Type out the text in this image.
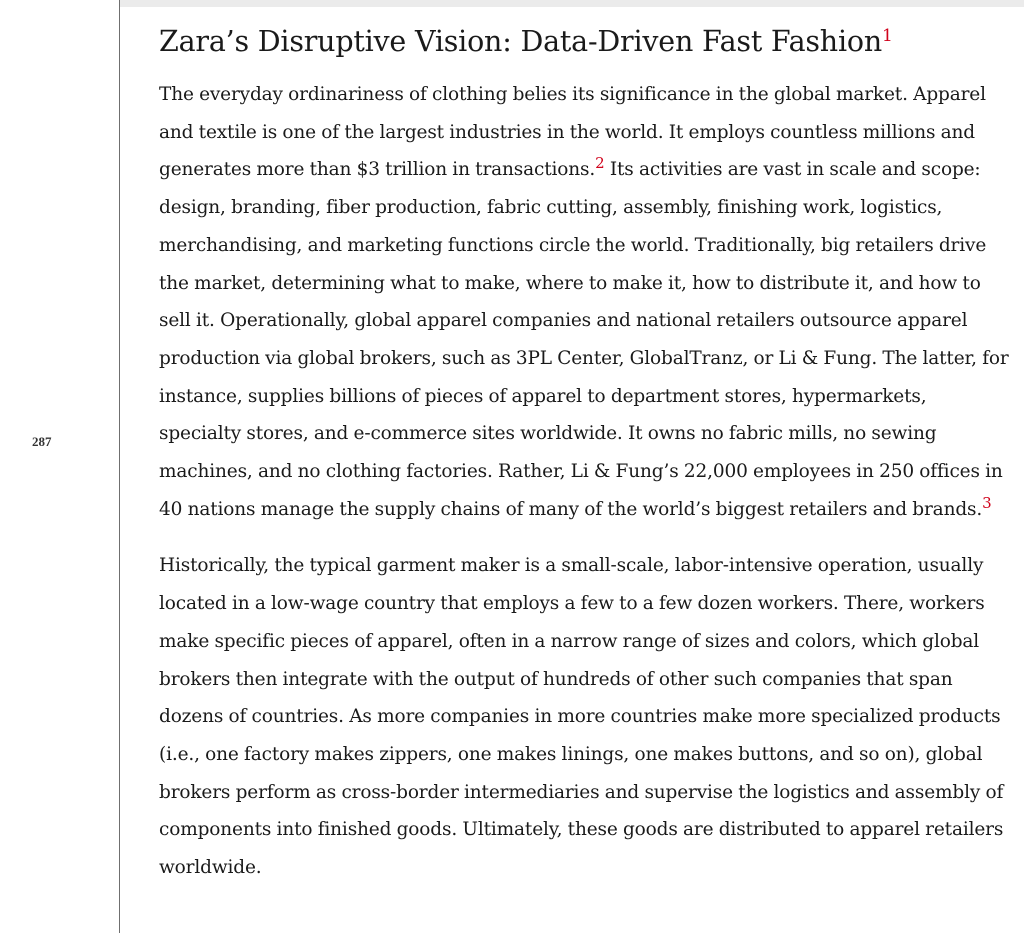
287
Zara’s Disruptive Vision: Data-Driven Fast Fashion$^1$

The everyday ordinariness of clothing belies its significance in the global market. Apparel and textile is one of the largest industries in the world. It employs countless millions and generates more than $3 trillion in transactions.$^2$ Its activities are vast in scale and scope: design, branding, fiber production, fabric cutting, assembly, finishing work, logistics, merchandising, and marketing functions circle the world. Traditionally, big retailers drive the market, determining what to make, where to make it, how to distribute it, and how to sell it. Operationally, global apparel companies and national retailers outsource apparel production via global brokers, such as 3PL Center, GlobalTranz, or Li & Fung. The latter, for instance, supplies billions of pieces of apparel to department stores, hypermarkets, specialty stores, and e-commerce sites worldwide. It owns no fabric mills, no sewing machines, and no clothing factories. Rather, Li & Fung’s 22,000 employees in 250 offices in 40 nations manage the supply chains of many of the world’s biggest retailers and brands.$^3$

Historically, the typical garment maker is a small-scale, labor-intensive operation, usually located in a low-wage country that employs a few to a few dozen workers. There, workers make specific pieces of apparel, often in a narrow range of sizes and colors, which global brokers then integrate with the output of hundreds of other such companies that span dozens of countries. As more companies in more countries make more specialized products (i.e., one factory makes zippers, one makes linings, one makes buttons, and so on), global brokers perform as cross-border intermediaries and supervise the logistics and assembly of components into finished goods. Ultimately, these goods are distributed to apparel retailers worldwide.
